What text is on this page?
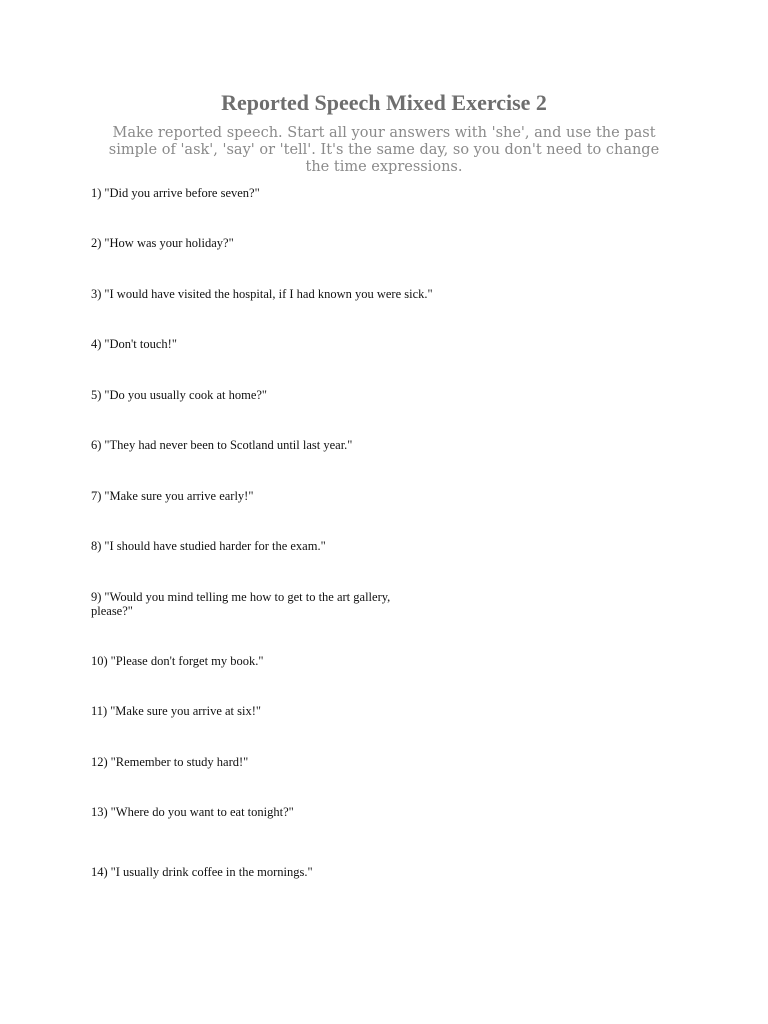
Reported Speech Mixed Exercise 2

Make reported speech. Start all your answers with 'she', and use the past simple of 'ask', 'say' or 'tell'. It's the same day, so you don't need to change the time expressions.

1) "Did you arrive before seven?"

2) "How was your holiday?"

3) "I would have visited the hospital, if I had known you were sick."

4) "Don't touch!"

5) "Do you usually cook at home?"

6) "They had never been to Scotland until last year."

7) "Make sure you arrive early!"

8) "I should have studied harder for the exam."

9) "Would you mind telling me how to get to the art gallery, please?"

10) "Please don't forget my book."

11) "Make sure you arrive at six!"

12) "Remember to study hard!"

13) "Where do you want to eat tonight?"

14) "I usually drink coffee in the mornings."
